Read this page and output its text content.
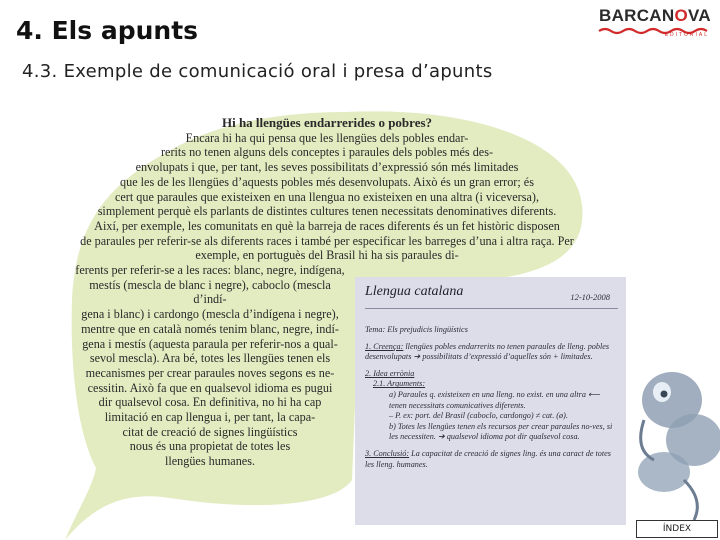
4. Els apunts
4.3. Exemple de comunicació oral i presa d’apunts
BARCANOVA
EDITORIAL
Hi ha llengües endarrerides o pobres?
Encara hi ha qui pensa que les llengües dels pobles endar-
rerits no tenen alguns dels conceptes i paraules dels pobles més des-
envolupats i que, per tant, les seves possibilitats d’expressió són més limitades
que les de les llengües d’aquests pobles més desenvolupats. Això és un gran error; és
cert que paraules que existeixen en una llengua no existeixen en una altra (i viceversa),
simplement perquè els parlants de distintes cultures tenen necessitats denominatives diferents.
Així, per exemple, les comunitats en què la barreja de races diferents és un fet històric disposen
de paraules per referir-se als diferents races i també per especificar les barreges d’una i altra raça. Per
exemple, en portuguès del Brasil hi ha sis paraules di-
ferents per referir-se a les races: blanc, negre, indígena,
mestís (mescla de blanc i negre), caboclo (mescla d’indí-
gena i blanc) i cardongo (mescla d’indígena i negre),
mentre que en català només tenim blanc, negre, indí-
gena i mestís (aquesta paraula per referir-nos a qual-
sevol mescla). Ara bé, totes les llengües tenen els
mecanismes per crear paraules noves segons es ne-
cessitin. Això fa que en qualsevol idioma es pugui
dir qualsevol cosa. En definitiva, no hi ha cap
limitació en cap llengua i, per tant, la capa-
citat de creació de signes lingüístics
nous és una propietat de totes les
llengües humanes.
Llengua catalana	12-10-2008

Tema: Els prejudicis lingüístics

1. Creença: llengües pobles endarrerits no tenen paraules de lleng. pobles desenvolupats ➔ possibilitats d’expressió d’aquelles són + limitades.

2. Idea errònia

2.1. Arguments:

a) Paraules q. existeixen en una lleng. no exist. en una altra ⟵ tenen necessitats comunicatives diferents.

– P. ex: port. del Brasil (caboclo, cardongo) ≠ cat. (ø).

b) Totes les llengües tenen els recursos per crear paraules no-ves, si les necessiten. ➔ qualsevol idioma pot dir qualsevol cosa.

3. Conclusió: La capacitat de creació de signes ling. és una caract de totes les lleng. humanes.

ÍNDEX
